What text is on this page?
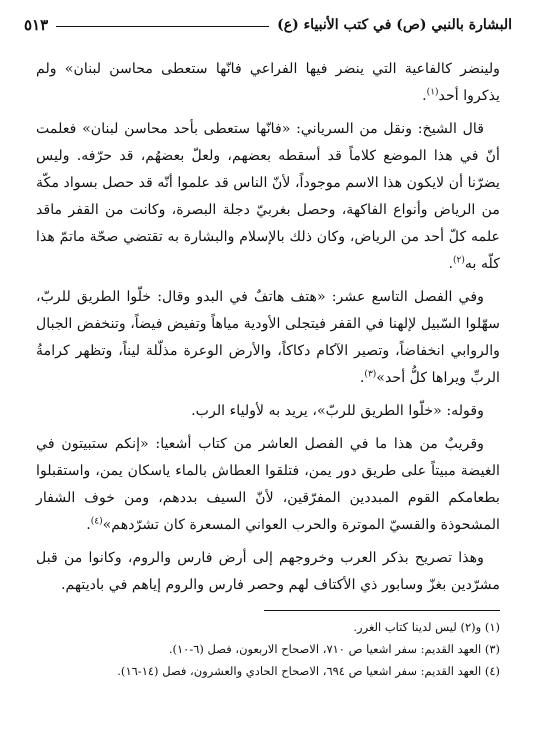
البشارة بالنبي (ص) في كتب الأنبياء (ع)
٥١٣

ولينضر كالفاعية التي ينضر فيها الفراعي فانّها ستعطى محاسن لبنان» ولم يذكروا أحد$^{(١)}$.

قال الشيخ: ونقل من السرياني: «فانّها ستعطى بأحد محاسن لبنان» فعلمت أنّ في هذا الموضع كلاماً قد أسقطه بعضهم، ولعلّ بعضهُم، قد حرّفه. وليس يضرّنا أن لايكون هذا الاسم موجوداً، لأنّ الناس قد علموا أنّه قد حصل بسواد مكّة من الرياض وأنواع الفاكهة، وحصل بغربيّ دجلة البصرة، وكانت من القفر ماقد علمه كلّ أحد من الرياض، وكان ذلك بالإسلام والبشارة به تقتضي صحّة ماتمّ هذا كلّه به$^{(٢)}$.

وفي الفصل التاسع عشر: «هتف هاتفٌ في البدو وقال: خلّوا الطريق للربّ، سهّلوا السّبيل لإلهنا في القفر فيتجلى الأودية مياهاً وتفيض فيضاً، وتنخفض الجبال والروابي انخفاضاً، وتصير الآكام دكاكاً، والأرض الوعرة مذلّلة ليناً، وتظهر كرامةُ الربِّ ويراها كلُّ أحد»$^{(٣)}$.

وقوله: «خلّوا الطريق للربّ»، يريد به لأولياء الرب.

وقريبٌ من هذا ما في الفصل العاشر من كتاب أشعيا: «إنكم ستبيتون في الغيضة مبيتاً على طريق دور يمن، فتلقوا العطاش بالماء ياسكان يمن، واستقبلوا بطعامكم القوم المبددين المفرّقين، لأنّ السيف بددهم، ومن خوف الشفار المشحوذة والقسيّ الموترة والحرب العواني المسعرة كان تشرّدهم»$^{(٤)}$.

وهذا تصريح بذكر العرب وخروجهم إلى أرض فارس والروم، وكانوا من قبل مشرّدين بغزّ وسابور ذي الأكتاف لهم وحصر فارس والروم إياهم في باديتهم.

(١) و(٢) ليس لدينا كتاب الغرر.
(٣) العهد القديم: سفر اشعيا ص ٧١٠، الاصحاح الاربعون، فصل (٦-١٠).
(٤) العهد القديم: سفر اشعيا ص ٦٩٤، الاصحاح الحادي والعشرون، فصل (١٤-١٦).
